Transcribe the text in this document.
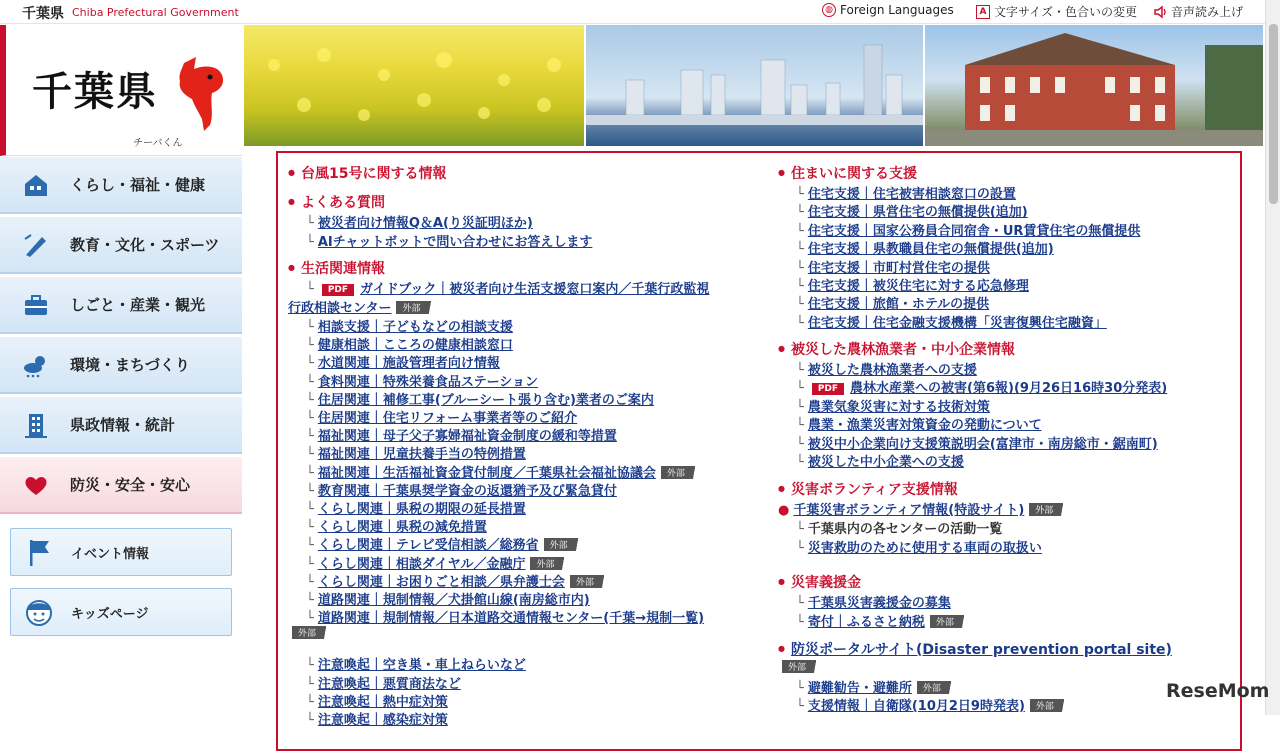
千葉県 Chiba Prefectural Government	◍ Foreign Languages	A 文字サイズ・色合いの変更	音声読み上げ
千葉県
チーバくん
くらし・福祉・健康
教育・文化・スポーツ
しごと・産業・観光
環境・まちづくり
県政情報・統計
防災・安全・安心
イベント情報
キッズページ
● 台風15号に関する情報
● よくある質問
└ 被災者向け情報Q＆A(り災証明ほか)
└ AIチャットボットで問い合わせにお答えします
● 生活関連情報
└ PDF ガイドブック｜被災者向け生活支援窓口案内／千葉行政監視
行政相談センター 外部
└ 相談支援｜子どもなどの相談支援
└ 健康相談｜こころの健康相談窓口
└ 水道関連｜施設管理者向け情報
└ 食料関連｜特殊栄養食品ステーション
└ 住居関連｜補修工事(ブルーシート張り含む)業者のご案内
└ 住居関連｜住宅リフォーム事業者等のご紹介
└ 福祉関連｜母子父子寡婦福祉資金制度の緩和等措置
└ 福祉関連｜児童扶養手当の特例措置
└ 福祉関連｜生活福祉資金貸付制度／千葉県社会福祉協議会 外部
└ 教育関連｜千葉県奨学資金の返還猶予及び緊急貸付
└ くらし関連｜県税の期限の延長措置
└ くらし関連｜県税の減免措置
└ くらし関連｜テレビ受信相談／総務省 外部
└ くらし関連｜相談ダイヤル／金融庁 外部
└ くらし関連｜お困りごと相談／県弁護士会 外部
└ 道路関連｜規制情報／犬掛館山線(南房総市内)
└ 道路関連｜規制情報／日本道路交通情報センター(千葉→規制一覧)
外部
└ 注意喚起｜空き巣・車上ねらいなど
└ 注意喚起｜悪質商法など
└ 注意喚起｜熱中症対策
└ 注意喚起｜感染症対策
● 住まいに関する支援
└ 住宅支援｜住宅被害相談窓口の設置
└ 住宅支援｜県営住宅の無償提供(追加)
└ 住宅支援｜国家公務員合同宿舎・UR賃貸住宅の無償提供
└ 住宅支援｜県教職員住宅の無償提供(追加)
└ 住宅支援｜市町村営住宅の提供
└ 住宅支援｜被災住宅に対する応急修理
└ 住宅支援｜旅館・ホテルの提供
└ 住宅支援｜住宅金融支援機構「災害復興住宅融資」
● 被災した農林漁業者・中小企業情報
└ 被災した農林漁業者への支援
└ PDF 農林水産業への被害(第6報)(9月26日16時30分発表)
└ 農業気象災害に対する技術対策
└ 農業・漁業災害対策資金の発動について
└ 被災中小企業向け支援策説明会(富津市・南房総市・鋸南町)
└ 被災した中小企業への支援
● 災害ボランティア支援情報
● 千葉災害ボランティア情報(特設サイト) 外部
└ 千葉県内の各センターの活動一覧
└ 災害救助のために使用する車両の取扱い
● 災害義援金
└ 千葉県災害義援金の募集
└ 寄付｜ふるさと納税 外部
● 防災ポータルサイト(Disaster prevention portal site)
外部
└ 避難勧告・避難所 外部
└ 支援情報｜自衛隊(10月2日9時発表) 外部
ReseMom
